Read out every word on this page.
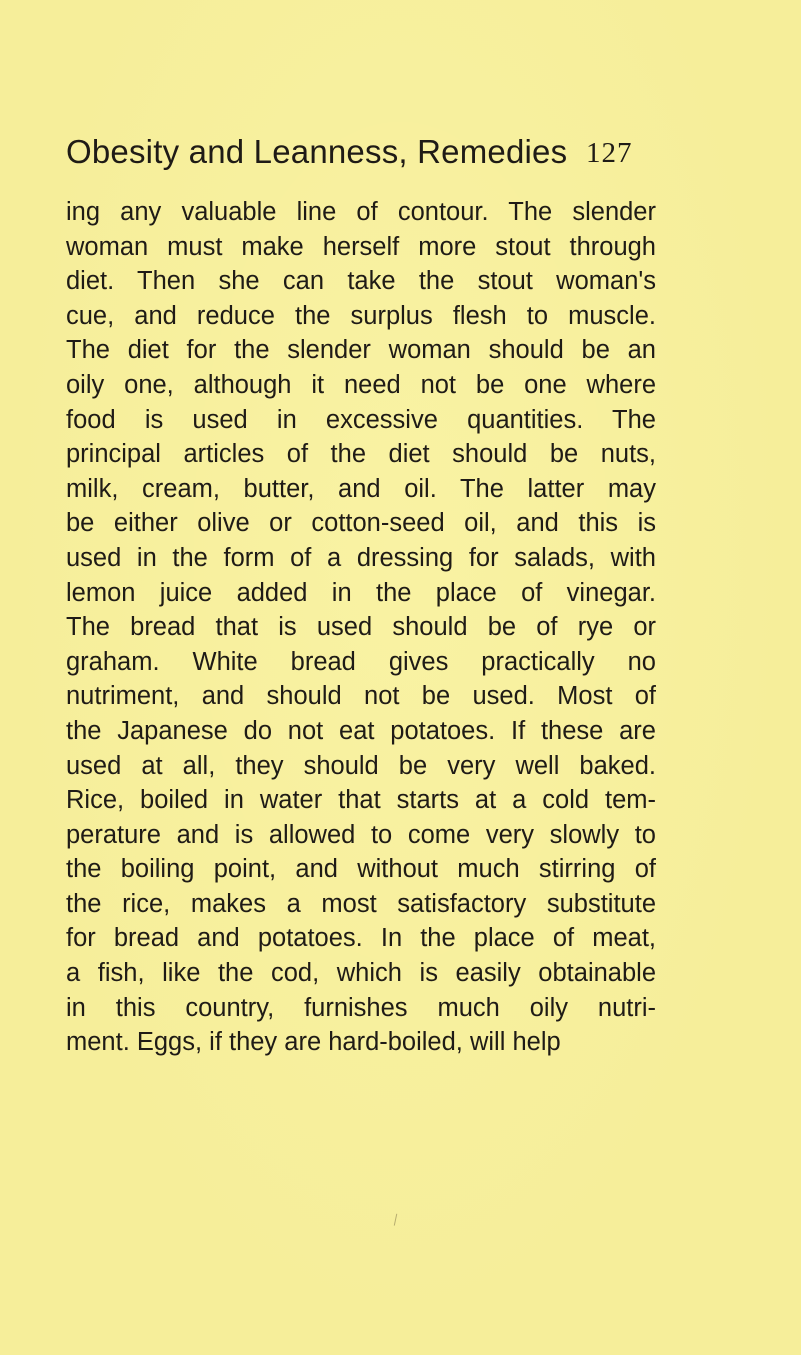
Obesity and Leanness, Remedies 127
ing any valuable line of contour. The slender
woman must make herself more stout through
diet. Then she can take the stout woman's
cue, and reduce the surplus flesh to muscle.
The diet for the slender woman should be an
oily one, although it need not be one where
food is used in excessive quantities. The
principal articles of the diet should be nuts,
milk, cream, butter, and oil. The latter may
be either olive or cotton-seed oil, and this is
used in the form of a dressing for salads, with
lemon juice added in the place of vinegar.
The bread that is used should be of rye or
graham. White bread gives practically no
nutriment, and should not be used. Most of
the Japanese do not eat potatoes. If these are
used at all, they should be very well baked.
Rice, boiled in water that starts at a cold tem-
perature and is allowed to come very slowly to
the boiling point, and without much stirring of
the rice, makes a most satisfactory substitute
for bread and potatoes. In the place of meat,
a fish, like the cod, which is easily obtainable
in this country, furnishes much oily nutri-
ment. Eggs, if they are hard-boiled, will help
